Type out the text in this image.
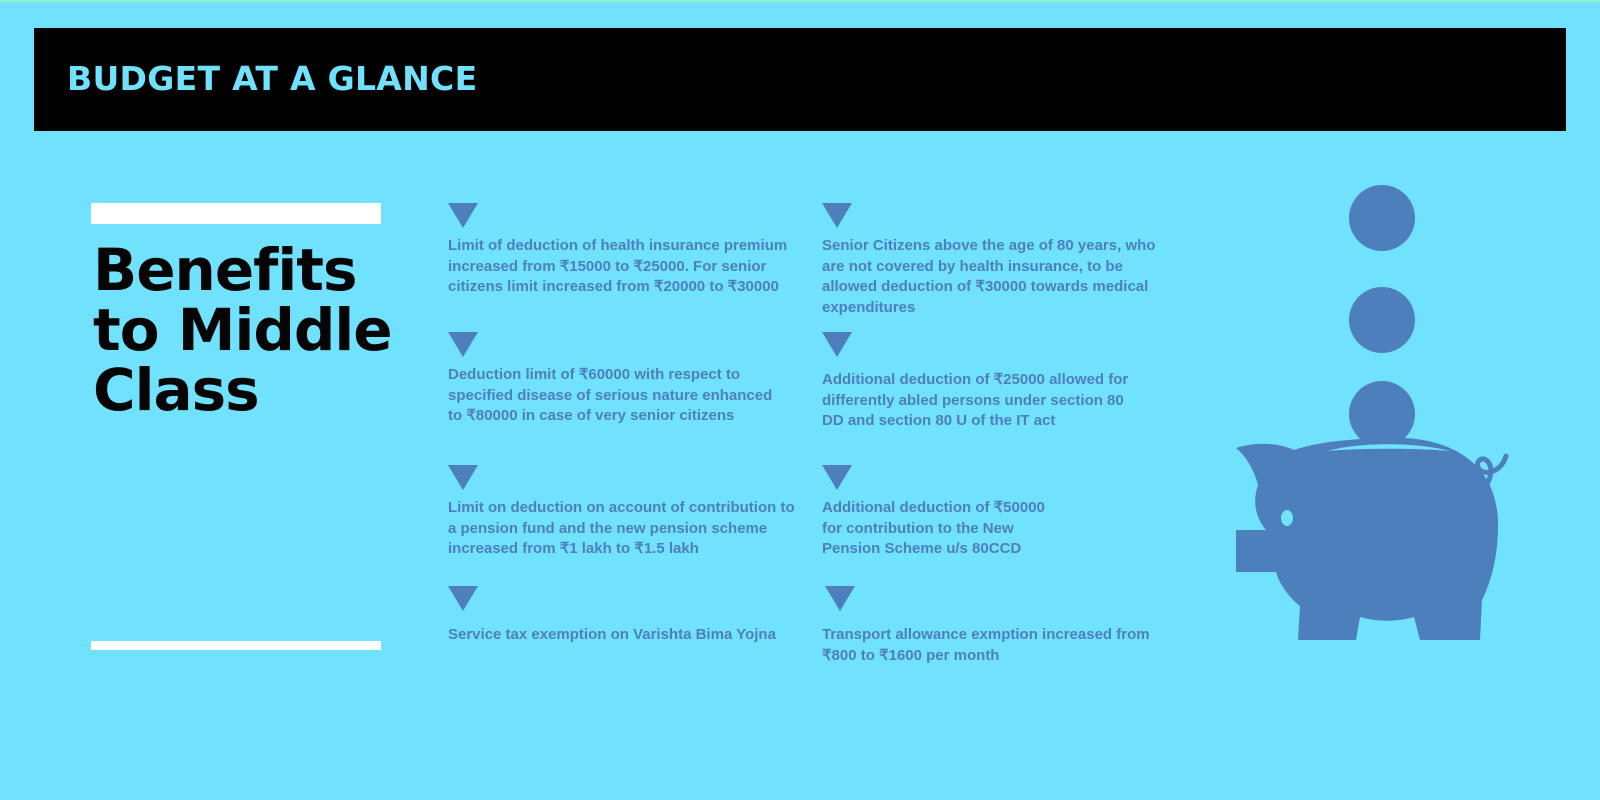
BUDGET AT A GLANCE
Benefits to Middle Class

Limit of deduction of health insurance premium increased from ₹15000 to ₹25000. For senior citizens limit increased from ₹20000 to ₹30000

Senior Citizens above the age of 80 years, who are not covered by health insurance, to be allowed deduction of ₹30000 towards medical expenditures

Deduction limit of ₹60000 with respect to specified disease of serious nature enhanced to ₹80000 in case of very senior citizens

Additional deduction of ₹25000 allowed for differently abled persons under section 80 DD and section 80 U of the IT act

Limit on deduction on account of contribution to a pension fund and the new pension scheme increased from ₹1 lakh to ₹1.5 lakh

Additional deduction of ₹50000 for contribution to the New Pension Scheme u/s 80CCD

Service tax exemption on Varishta Bima Yojna	Transport allowance exmption increased from ₹800 to ₹1600 per month
